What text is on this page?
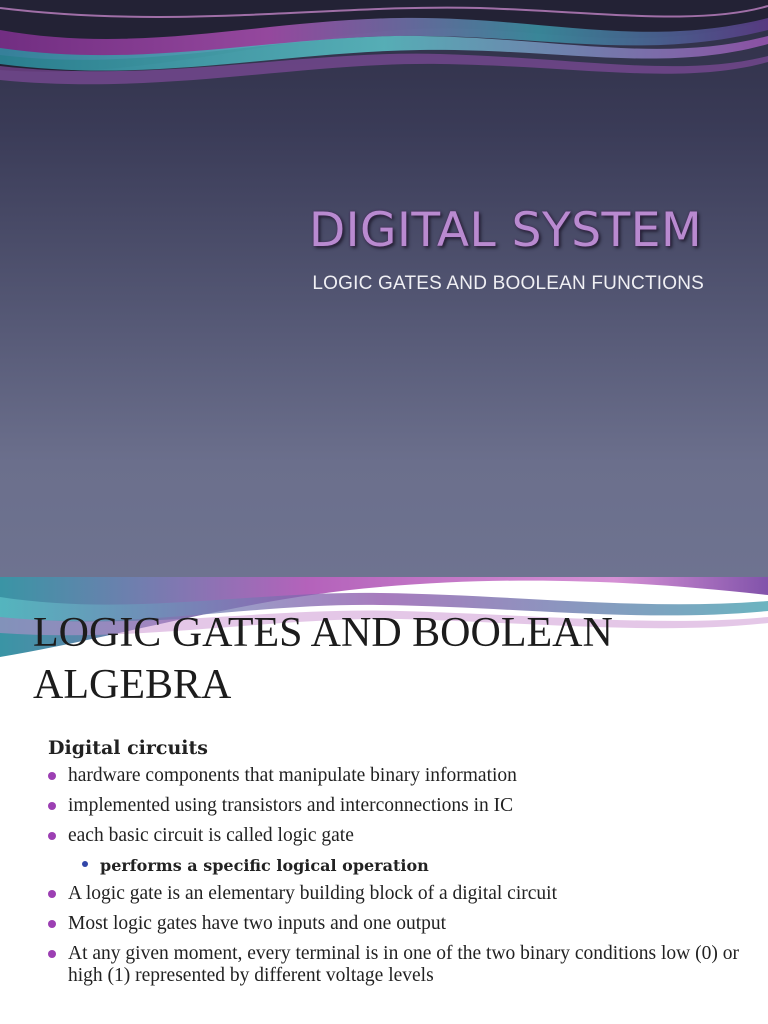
DIGITAL SYSTEM

LOGIC GATES AND BOOLEAN FUNCTIONS

LOGIC GATES AND BOOLEAN
ALGEBRA

Digital circuits

hardware components that manipulate binary information
implemented using transistors and interconnections in IC
each basic circuit is called logic gate
performs a specific logical operation
A logic gate is an elementary building block of a digital circuit
Most logic gates have two inputs and one output
At any given moment, every terminal is in one of the two binary conditions low (0) or high (1) represented by different voltage levels
